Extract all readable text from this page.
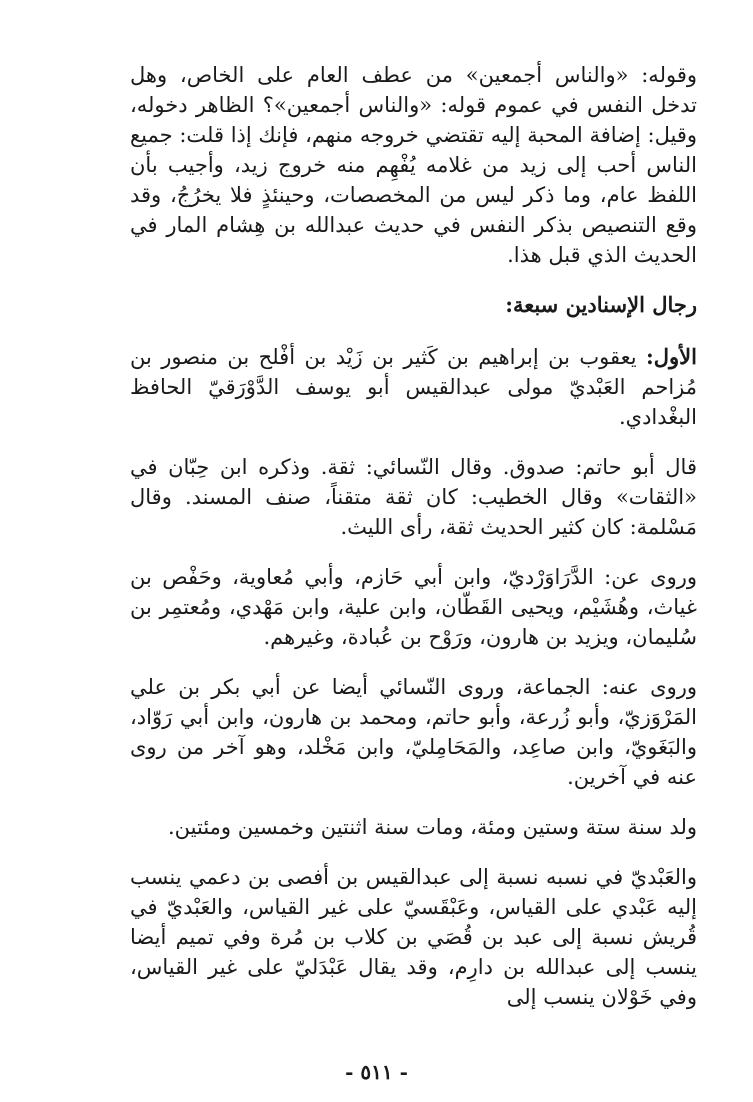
وقوله: «والناس أجمعين» من عطف العام على الخاص، وهل تدخل النفس في عموم قوله: «والناس أجمعين»؟ الظاهر دخوله، وقيل: إضافة المحبة إليه تقتضي خروجه منهم، فإنك إذا قلت: جميع الناس أحب إلى زيد من غلامه يُفْهِم منه خروج زيد، وأجيب بأن اللفظ عام، وما ذكر ليس من المخصصات، وحينئذٍ فلا يخرُجُ، وقد وقع التنصيص بذكر النفس في حديث عبدالله بن هِشام المار في الحديث الذي قبل هذا.

رجال الإسنادين سبعة:

الأول: يعقوب بن إبراهيم بن كَثير بن زَيْد بن أفْلح بن منصور بن مُزاحم العَبْديّ مولى عبدالقيس أبو يوسف الدَّوْرَقيّ الحافظ البغْدادي.

قال أبو حاتم: صدوق. وقال النّسائي: ثقة. وذكره ابن حِبّان في «الثقات» وقال الخطيب: كان ثقة متقناً، صنف المسند. وقال مَسْلمة: كان كثير الحديث ثقة، رأى الليث.

وروى عن: الدَّرَاوَرْديّ، وابن أبي حَازم، وأبي مُعاوية، وحَفْص بن غياث، وهُشَيْم، ويحيى القَطّان، وابن علية، وابن مَهْدي، ومُعتمِر بن سُليمان، ويزيد بن هارون، ورَوْح بن عُبادة، وغيرهم.

وروى عنه: الجماعة، وروى النّسائي أيضا عن أبي بكر بن علي المَرْوَزيّ، وأبو زُرعة، وأبو حاتم، ومحمد بن هارون، وابن أبي رَوّاد، والبَغَويّ، وابن صاعِد، والمَحَامِليّ، وابن مَخْلد، وهو آخر من روى عنه في آخرين.

ولد سنة ستة وستين ومئة، ومات سنة اثنتين وخمسين ومئتين.

والعَبْديّ في نسبه نسبة إلى عبدالقيس بن أفصى بن دعمي ينسب إليه عَبْدي على القياس، وعَبْقَسيّ على غير القياس، والعَبْديّ في قُريش نسبة إلى عبد بن قُصَي بن كلاب بن مُرة وفي تميم أيضا ينسب إلى عبدالله بن دارِم، وقد يقال عَبْدَليّ على غير القياس، وفي خَوْلان ينسب إلى

- ٥١١ -
